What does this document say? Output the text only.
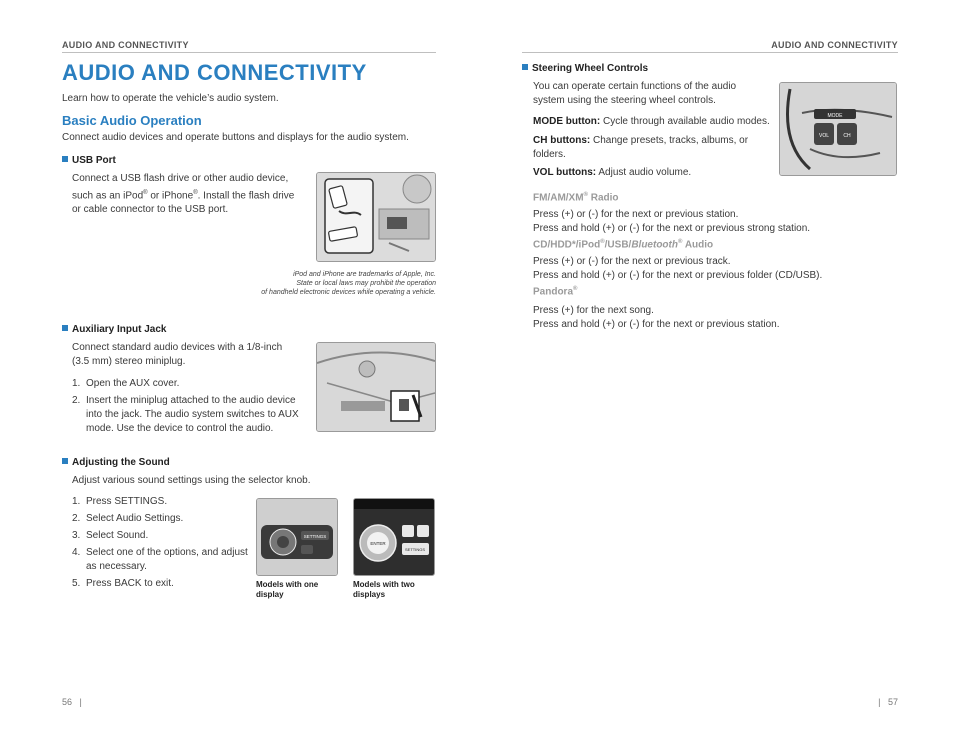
AUDIO AND CONNECTIVITY	AUDIO AND CONNECTIVITY
AUDIO AND CONNECTIVITY
Learn how to operate the vehicle’s audio system.
Basic Audio Operation
Connect audio devices and operate buttons and displays for the audio system.
USB Port
Connect a USB flash drive or other audio device,
such as an iPod® or iPhone®. Install the flash drive
or cable connector to the USB port.
iPod and iPhone are trademarks of Apple, Inc.
State or local laws may prohibit the operation
of handheld electronic devices while operating a vehicle.
Auxiliary Input Jack
Connect standard audio devices with a 1/8-inch
(3.5 mm) stereo miniplug.
1. Open the AUX cover.
2. Insert the miniplug attached to the audio device into the jack. The audio system switches to AUX mode. Use the device to control the audio.
Adjusting the Sound
Adjust various sound settings using the selector knob.
1. Press SETTINGS.
2. Select Audio Settings.
3. Select Sound.
4. Select one of the options, and adjust as necessary.
5. Press BACK to exit.
SETTINGS
ENTER
SETTINGS
Models with one display
Models with two displays
56   |
Steering Wheel Controls
You can operate certain functions of the audio
system using the steering wheel controls.
MODE button: Cycle through available audio modes.
CH buttons: Change presets, tracks, albums, or
folders.
VOL buttons: Adjust audio volume.
MODE
VOL	CH
FM/AM/XM® Radio
Press (+) or (-) for the next or previous station.
Press and hold (+) or (-) for the next or previous strong station.
CD/HDD*/iPod®/USB/Bluetooth® Audio
Press (+) or (-) for the next or previous track.
Press and hold (+) or (-) for the next or previous folder (CD/USB).
Pandora®
Press (+) for the next song.
Press and hold (+) or (-) for the next or previous station.
|   57
